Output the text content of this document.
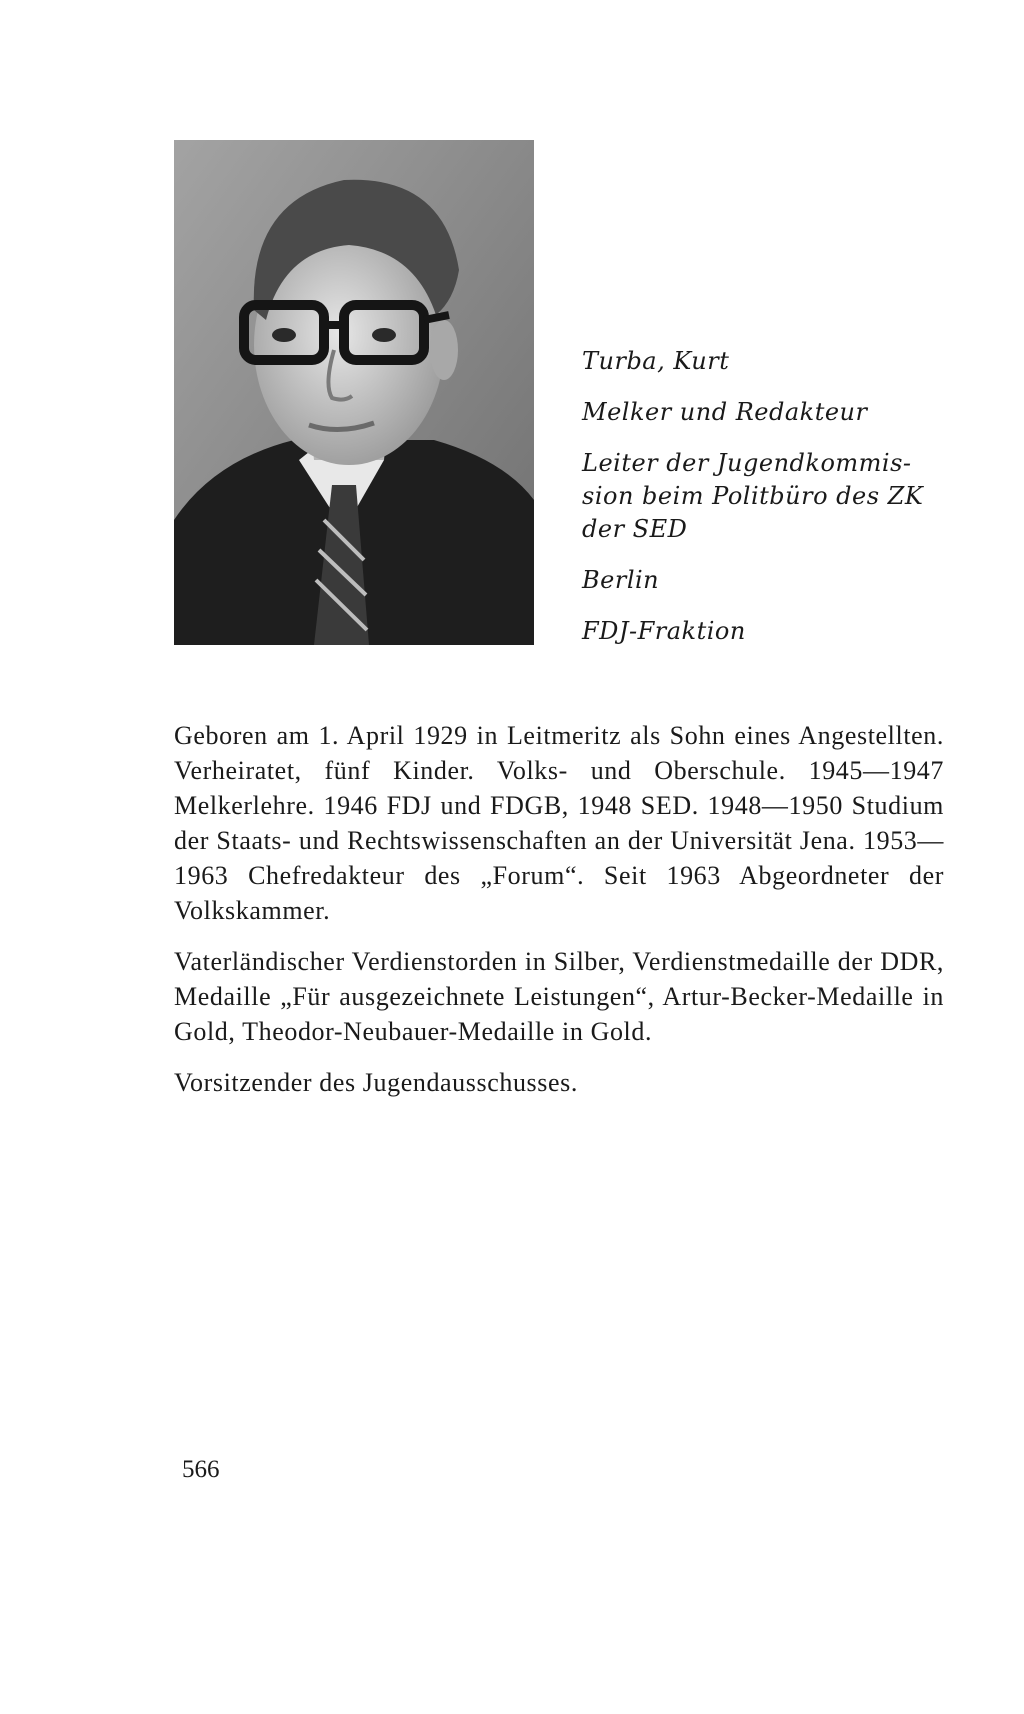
Turba, Kurt

Melker und Redakteur

Leiter der Jugendkommis-

sion beim Politbüro des ZK

der SED

Berlin

FDJ-Fraktion

Geboren am 1. April 1929 in Leitmeritz als Sohn eines Angestellten. Verheiratet, fünf Kinder. Volks- und Oberschule. 1945—1947 Melkerlehre. 1946 FDJ und FDGB, 1948 SED. 1948—1950 Studium der Staats- und Rechtswissenschaften an der Universität Jena. 1953—1963 Chefredakteur des „Forum“. Seit 1963 Abgeordneter der Volkskammer.

Vaterländischer Verdienstorden in Silber, Verdienstmedaille der DDR, Medaille „Für ausgezeichnete Leistungen“, Artur-Becker-Medaille in Gold, Theodor-Neubauer-Medaille in Gold.

Vorsitzender des Jugendausschusses.

566
